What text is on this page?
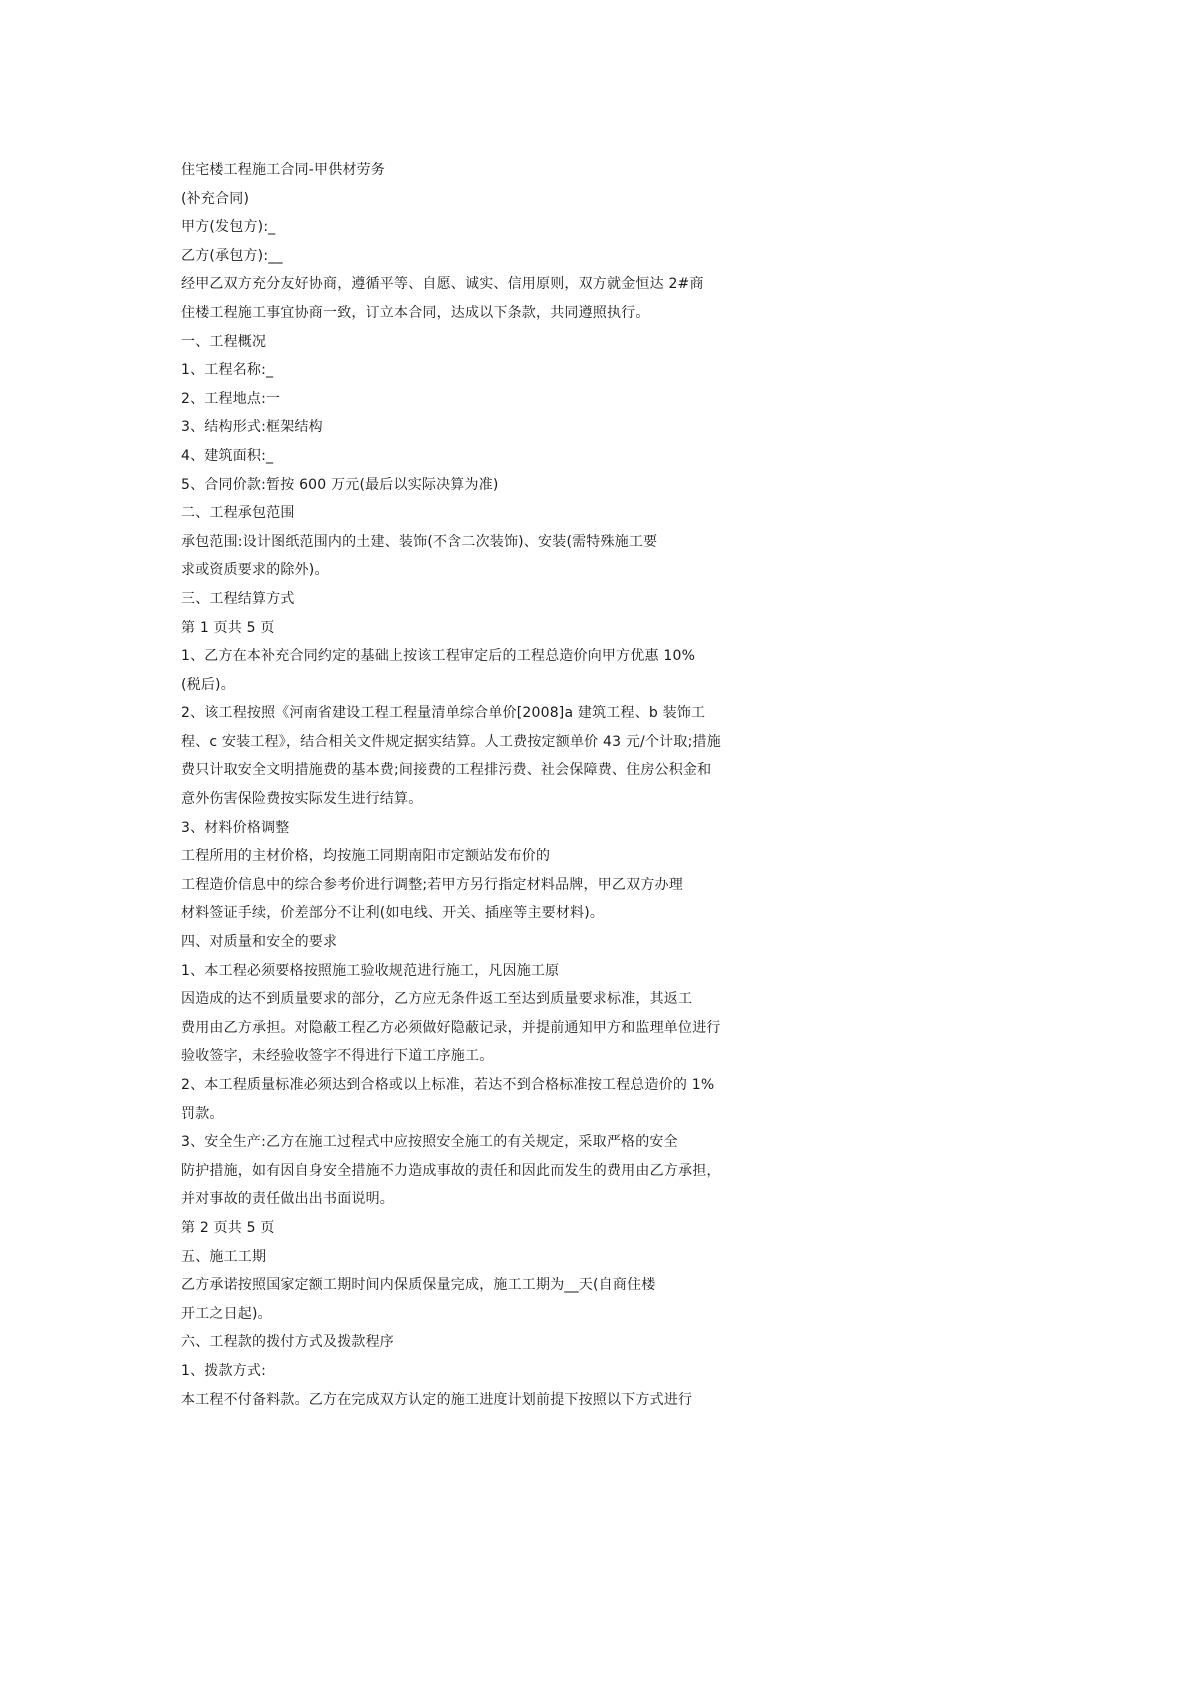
住宅楼工程施工合同-甲供材劳务
(补充合同)
甲方(发包方):_
乙方(承包方):__
经甲乙双方充分友好协商，遵循平等、自愿、诚实、信用原则，双方就金恒达 2#商
住楼工程施工事宜协商一致，订立本合同，达成以下条款，共同遵照执行。
一、工程概况
1、工程名称:_
2、工程地点:一
3、结构形式:框架结构
4、建筑面积:_
5、合同价款:暂按 600 万元(最后以实际决算为准)
二、工程承包范围
承包范围:设计图纸范围内的土建、装饰(不含二次装饰)、安装(需特殊施工要
求或资质要求的除外)。
三、工程结算方式
第 1 页共 5 页
1、乙方在本补充合同约定的基础上按该工程审定后的工程总造价向甲方优惠 10%
(税后)。
2、该工程按照《河南省建设工程工程量清单综合单价[2008]a 建筑工程、b 装饰工
程、c 安装工程》，结合相关文件规定据实结算。人工费按定额单价 43 元/个计取;措施
费只计取安全文明措施费的基本费;间接费的工程排污费、社会保障费、住房公积金和
意外伤害保险费按实际发生进行结算。
3、材料价格调整
工程所用的主材价格，均按施工同期南阳市定额站发布价的
工程造价信息中的综合参考价进行调整;若甲方另行指定材料品牌，甲乙双方办理
材料签证手续，价差部分不让利(如电线、开关、插座等主要材料)。
四、对质量和安全的要求
1、本工程必须要格按照施工验收规范进行施工，凡因施工原
因造成的达不到质量要求的部分，乙方应无条件返工至达到质量要求标准，其返工
费用由乙方承担。对隐蔽工程乙方必须做好隐蔽记录，并提前通知甲方和监理单位进行
验收签字，未经验收签字不得进行下道工序施工。
2、本工程质量标准必须达到合格或以上标准，若达不到合格标准按工程总造价的 1%
罚款。
3、安全生产:乙方在施工过程式中应按照安全施工的有关规定，采取严格的安全
防护措施，如有因自身安全措施不力造成事故的责任和因此而发生的费用由乙方承担，
并对事故的责任做出出书面说明。
第 2 页共 5 页
五、施工工期
乙方承诺按照国家定额工期时间内保质保量完成，施工工期为__天(自商住楼
开工之日起)。
六、工程款的拨付方式及拨款程序
1、拨款方式:
本工程不付备料款。乙方在完成双方认定的施工进度计划前提下按照以下方式进行
